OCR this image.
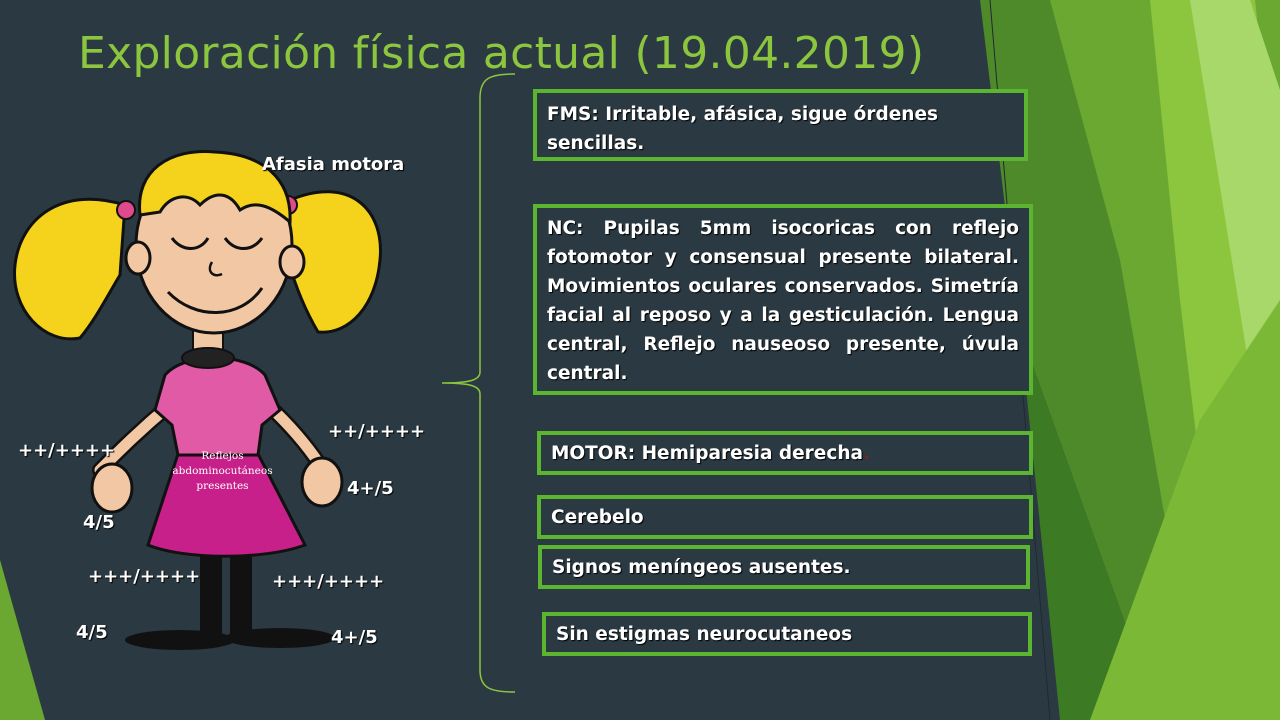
Exploración física actual (19.04.2019)
Afasia motora
++/++++
++/++++
4+/5
4/5
+++/++++	+++/++++
4/5	4+/5
Reflejos abdominocutáneos presentes
FMS: Irritable, afásica, sigue órdenes sencillas.
NC: Pupilas 5mm isocoricas con reflejo fotomotor y consensual presente bilateral. Movimientos oculares conservados. Simetría facial al reposo y a la gesticulación. Lengua central, Reflejo nauseoso presente, úvula central.
MOTOR: Hemiparesia derecha.
Cerebelo
Signos meníngeos ausentes.
Sin estigmas neurocutaneos
